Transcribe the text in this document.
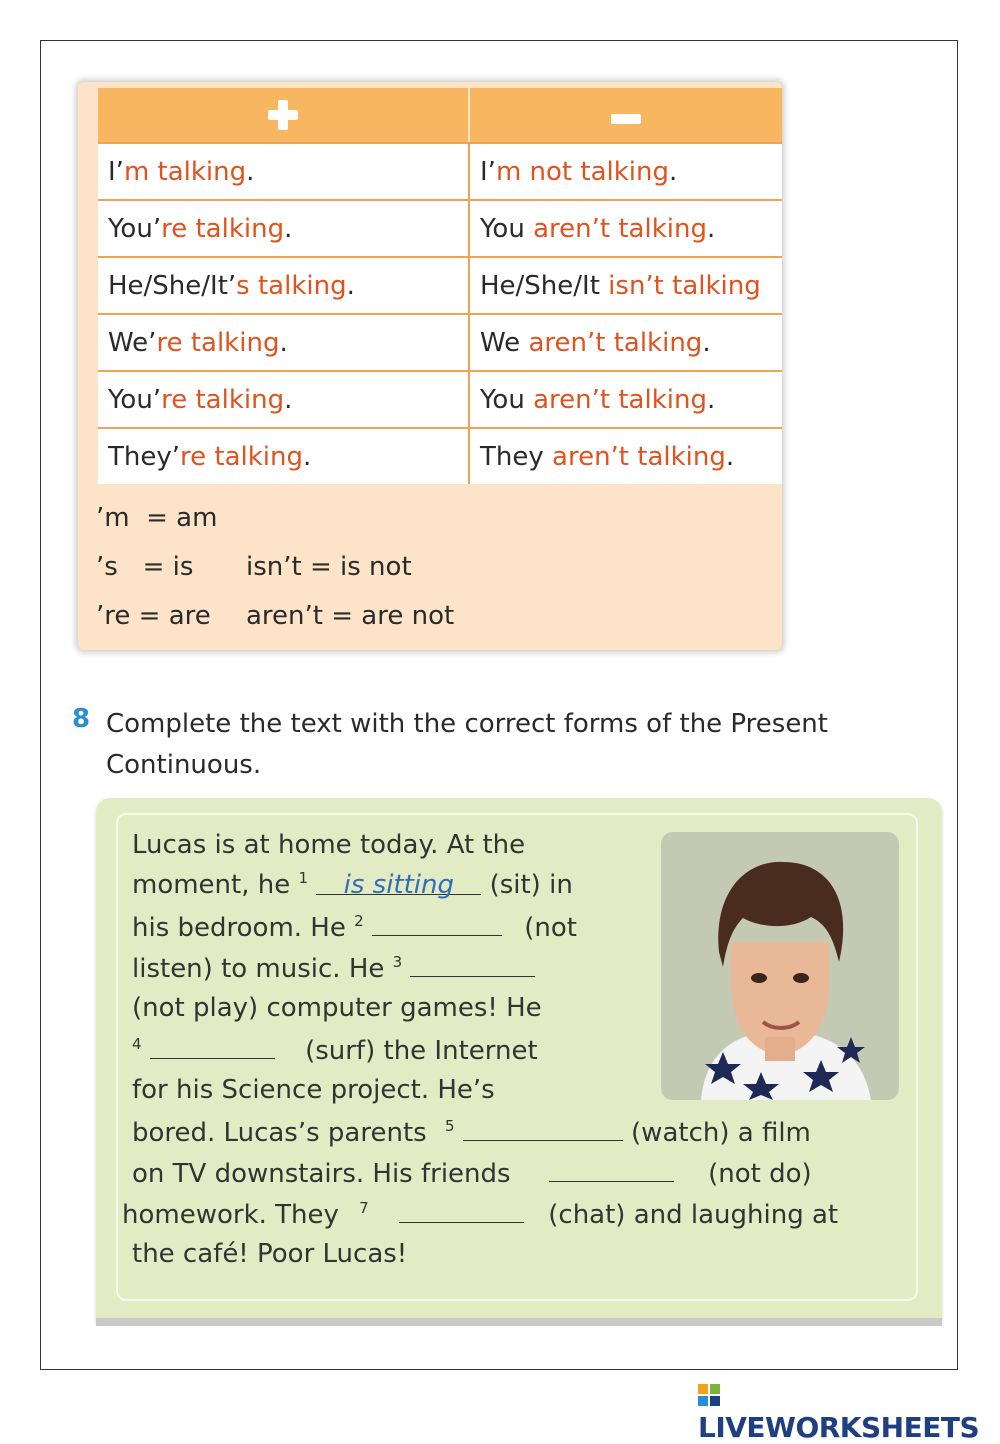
I’ m talking .	I’ m not talking .
You’ re talking .	You aren’t talking .
He/She/It’ s talking .	He/She/It isn’t talking
We’ re talking .	We aren’t talking .
You’ re talking .	You aren’t talking .
They’ re talking .	They aren’t talking .
’m  = am
’s   = is isn’t = is not
’re = are aren’t = are not
8 Complete the text with the correct forms of the Present Continuous.
Lucas is at home today. At the
moment, he $^1$ is sitting (sit) in
his bedroom. He $^2$	(not
listen) to music. He $^3$
(not play) computer games! He
$^4$	(surf) the Internet
for his Science project. He’s
bored. Lucas’s parents $^5$	(watch) a film
on TV downstairs. His friends	(not do)
homework. They $^7$	(chat) and laughing at
the café! Poor Lucas!
LIVEWORKSHEETS
